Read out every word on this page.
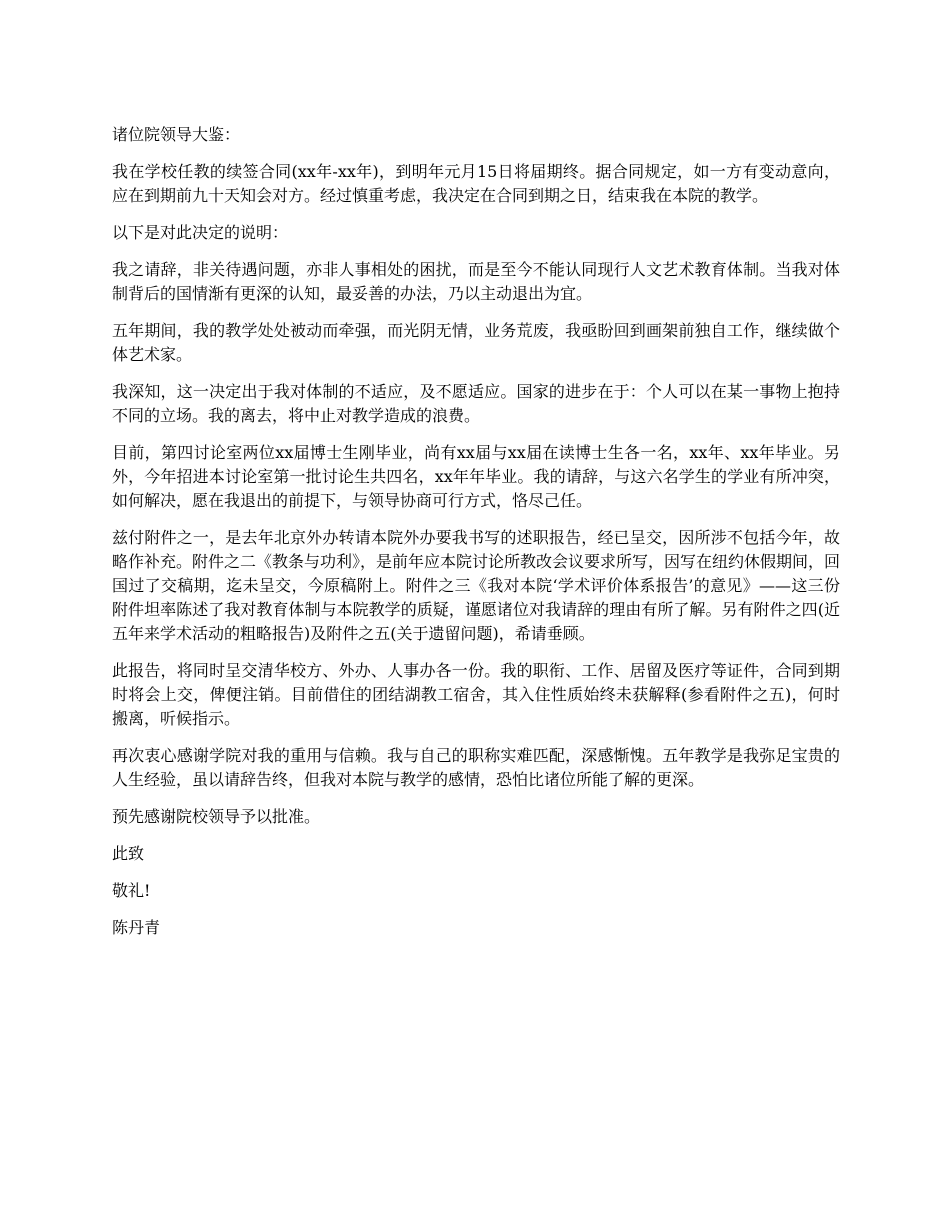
诸位院领导大鉴：

我在学校任教的续签合同(xx年-xx年)，到明年元月15日将届期终。据合同规定，如一方有变动意向，应在到期前九十天知会对方。经过慎重考虑，我决定在合同到期之日，结束我在本院的教学。

以下是对此决定的说明：

我之请辞，非关待遇问题，亦非人事相处的困扰，而是至今不能认同现行人文艺术教育体制。当我对体制背后的国情渐有更深的认知，最妥善的办法，乃以主动退出为宜。

五年期间，我的教学处处被动而牵强，而光阴无情，业务荒废，我亟盼回到画架前独自工作，继续做个体艺术家。

我深知，这一决定出于我对体制的不适应，及不愿适应。国家的进步在于：个人可以在某一事物上抱持不同的立场。我的离去，将中止对教学造成的浪费。

目前，第四讨论室两位xx届博士生刚毕业，尚有xx届与xx届在读博士生各一名，xx年、xx年毕业。另外，今年招进本讨论室第一批讨论生共四名，xx年年毕业。我的请辞，与这六名学生的学业有所冲突，如何解决，愿在我退出的前提下，与领导协商可行方式，恪尽己任。

兹付附件之一，是去年北京外办转请本院外办要我书写的述职报告，经已呈交，因所涉不包括今年，故略作补充。附件之二《教条与功利》，是前年应本院讨论所教改会议要求所写，因写在纽约休假期间，回国过了交稿期，迄未呈交，今原稿附上。附件之三《我对本院‘学术评价体系报告’的意见》——这三份附件坦率陈述了我对教育体制与本院教学的质疑，谨愿诸位对我请辞的理由有所了解。另有附件之四(近五年来学术活动的粗略报告)及附件之五(关于遗留问题)，希请垂顾。

此报告，将同时呈交清华校方、外办、人事办各一份。我的职衔、工作、居留及医疗等证件，合同到期时将会上交，俾便注销。目前借住的团结湖教工宿舍，其入住性质始终未获解释(参看附件之五)，何时搬离，听候指示。

再次衷心感谢学院对我的重用与信赖。我与自己的职称实难匹配，深感惭愧。五年教学是我弥足宝贵的人生经验，虽以请辞告终，但我对本院与教学的感情，恐怕比诸位所能了解的更深。

预先感谢院校领导予以批准。

此致

敬礼!

陈丹青
